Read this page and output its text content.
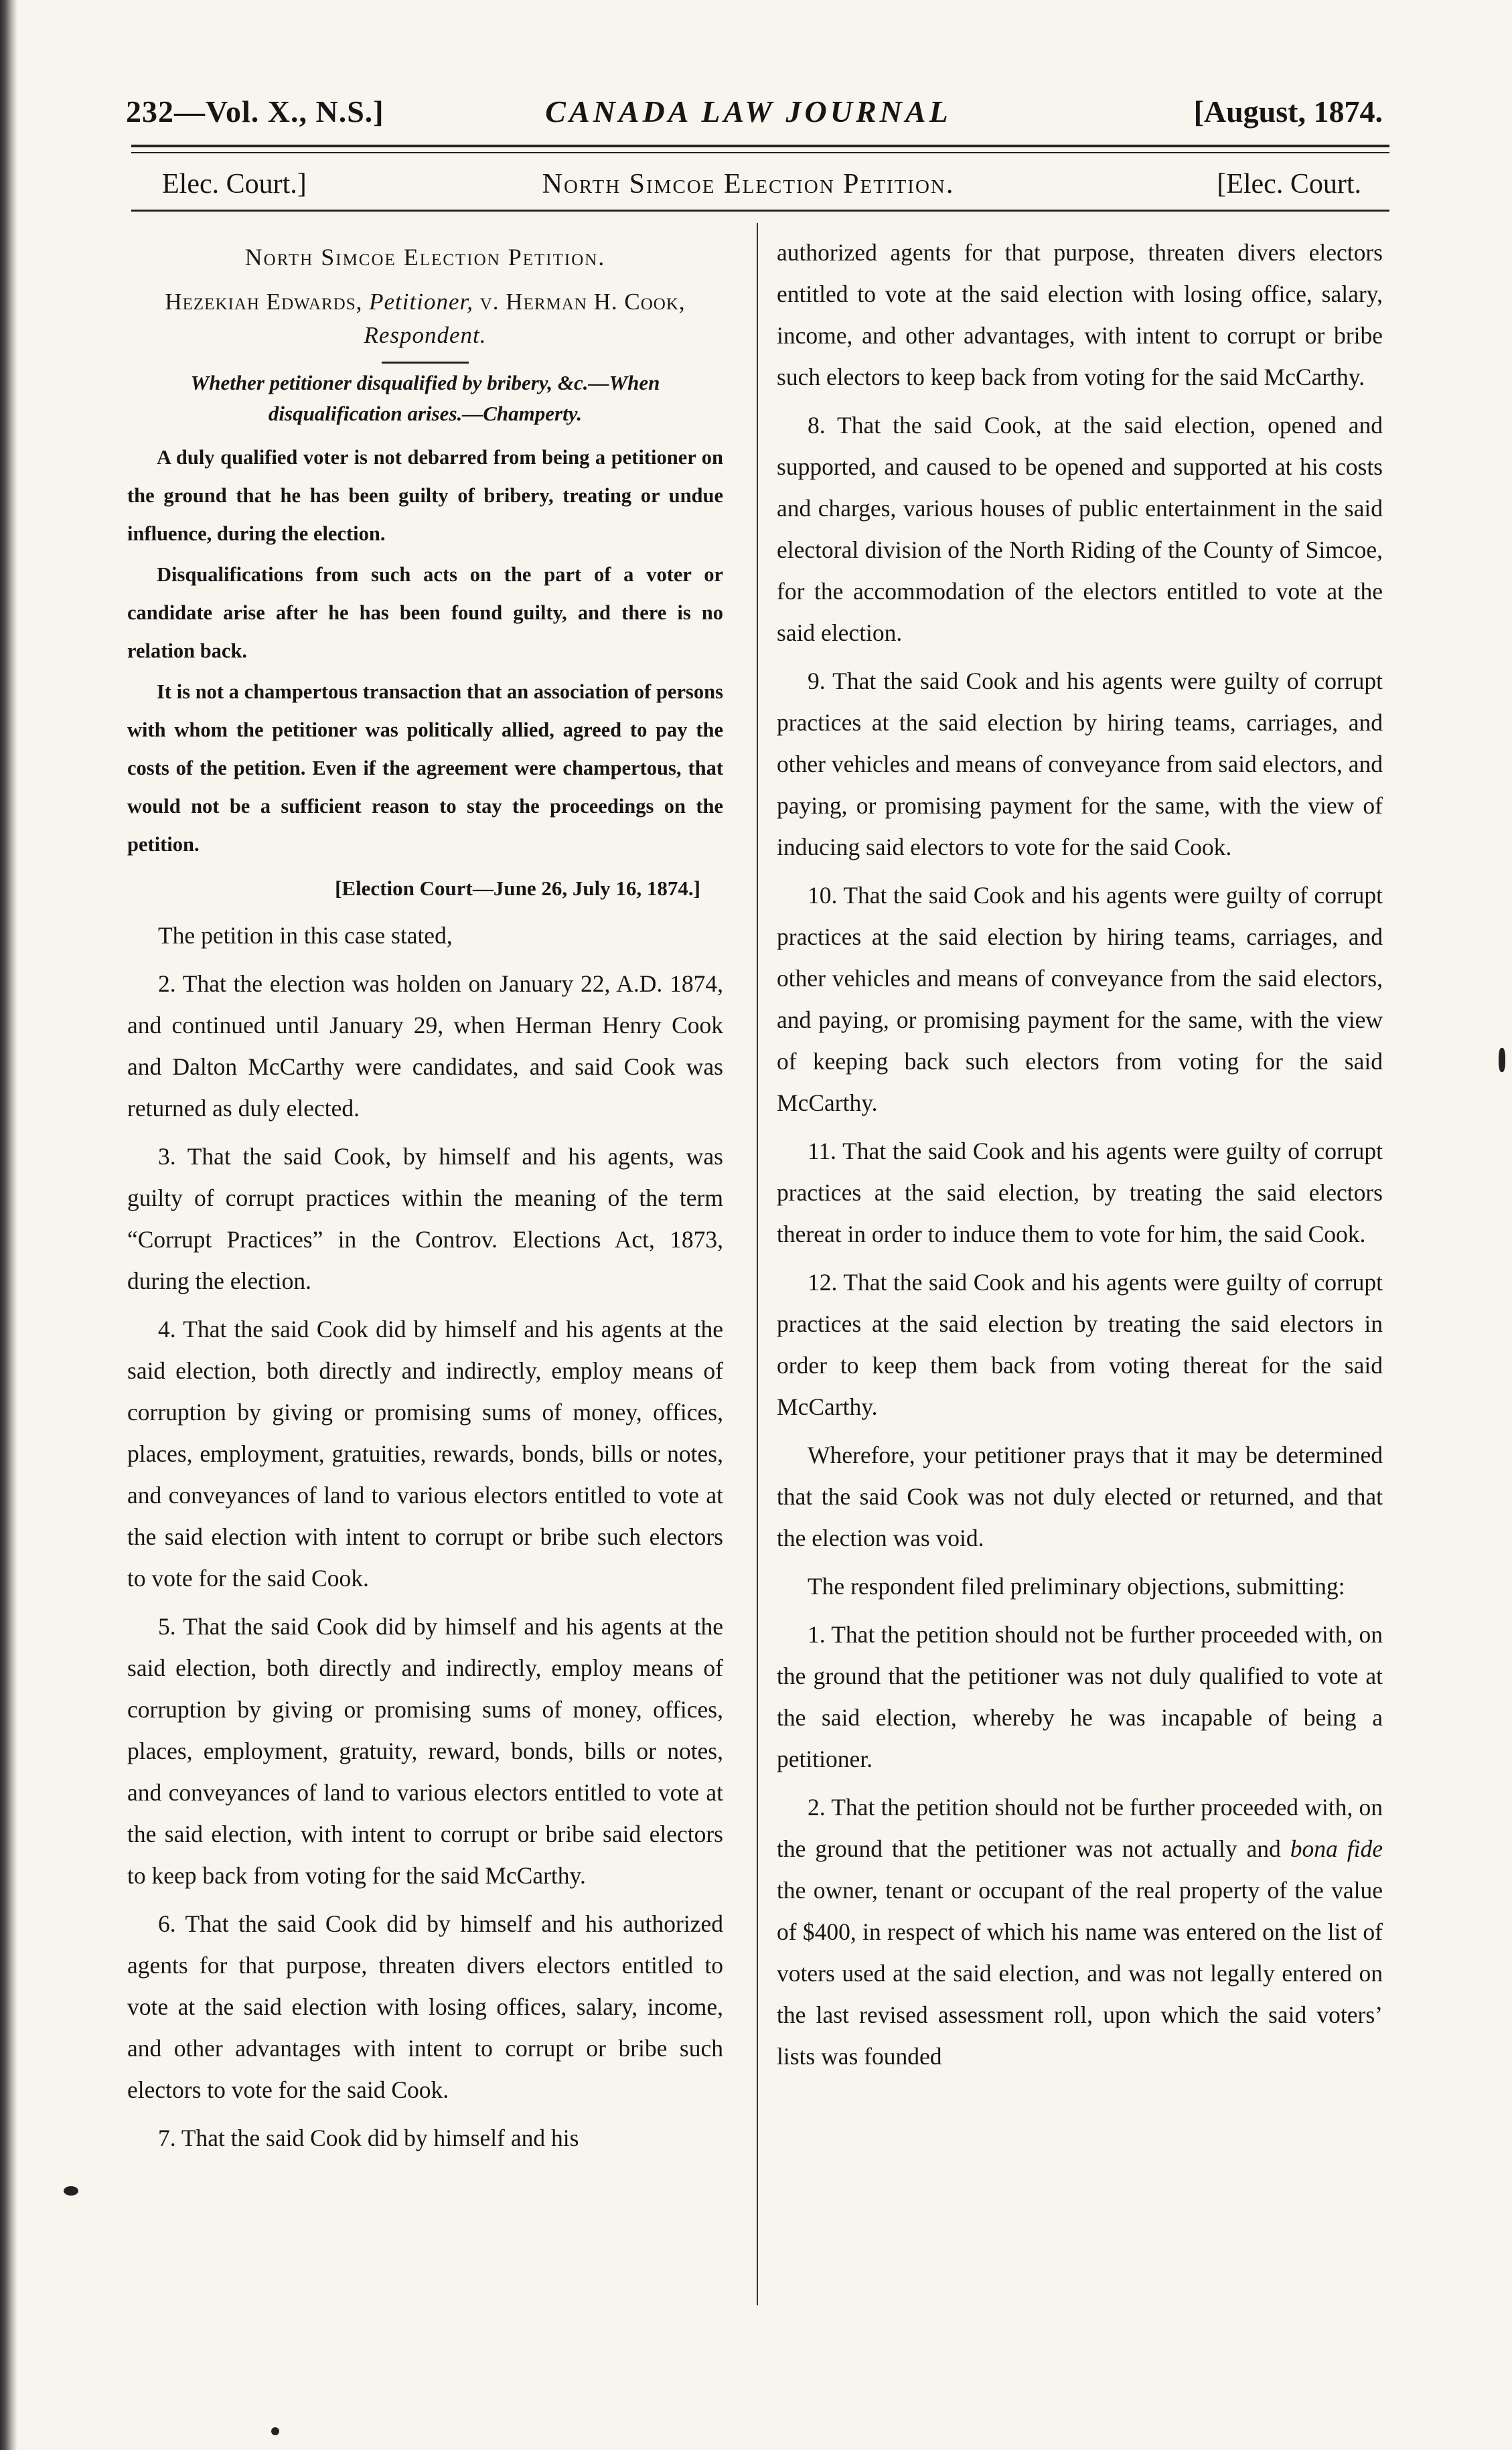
232—Vol. X., N.S.]	CANADA LAW JOURNAL	[August, 1874.
Elec. Court.]	North Simcoe Election Petition.	[Elec. Court.

North Simcoe Election Petition.

Hezekiah Edwards, Petitioner, v. Herman H. Cook, Respondent.

Whether petitioner disqualified by bribery, &c.—When disqualification arises.—Champerty.

A duly qualified voter is not debarred from being a petitioner on the ground that he has been guilty of bribery, treating or undue influence, during the election.

Disqualifications from such acts on the part of a voter or candidate arise after he has been found guilty, and there is no relation back.

It is not a champertous transaction that an association of persons with whom the petitioner was politically allied, agreed to pay the costs of the petition. Even if the agreement were champertous, that would not be a sufficient reason to stay the proceedings on the petition.

[Election Court—June 26, July 16, 1874.]

The petition in this case stated,

2. That the election was holden on January 22, A.D. 1874, and continued until January 29, when Herman Henry Cook and Dalton McCarthy were candidates, and said Cook was returned as duly elected.

3. That the said Cook, by himself and his agents, was guilty of corrupt practices within the meaning of the term “Corrupt Practices” in the Controv. Elections Act, 1873, during the election.

4. That the said Cook did by himself and his agents at the said election, both directly and indirectly, employ means of corruption by giving or promising sums of money, offices, places, employment, gratuities, rewards, bonds, bills or notes, and conveyances of land to various electors entitled to vote at the said election with intent to corrupt or bribe such electors to vote for the said Cook.

5. That the said Cook did by himself and his agents at the said election, both directly and indirectly, employ means of corruption by giving or promising sums of money, offices, places, employment, gratuity, reward, bonds, bills or notes, and conveyances of land to various electors entitled to vote at the said election, with intent to corrupt or bribe said electors to keep back from voting for the said McCarthy.

6. That the said Cook did by himself and his authorized agents for that purpose, threaten divers electors entitled to vote at the said election with losing offices, salary, income, and other advantages with intent to corrupt or bribe such electors to vote for the said Cook.

7. That the said Cook did by himself and his

authorized agents for that purpose, threaten divers electors entitled to vote at the said election with losing office, salary, income, and other advantages, with intent to corrupt or bribe such electors to keep back from voting for the said McCarthy.

8. That the said Cook, at the said election, opened and supported, and caused to be opened and supported at his costs and charges, various houses of public entertainment in the said electoral division of the North Riding of the County of Simcoe, for the accommodation of the electors entitled to vote at the said election.

9. That the said Cook and his agents were guilty of corrupt practices at the said election by hiring teams, carriages, and other vehicles and means of conveyance from said electors, and paying, or promising payment for the same, with the view of inducing said electors to vote for the said Cook.

10. That the said Cook and his agents were guilty of corrupt practices at the said election by hiring teams, carriages, and other vehicles and means of conveyance from the said electors, and paying, or promising payment for the same, with the view of keeping back such electors from voting for the said McCarthy.

11. That the said Cook and his agents were guilty of corrupt practices at the said election, by treating the said electors thereat in order to induce them to vote for him, the said Cook.

12. That the said Cook and his agents were guilty of corrupt practices at the said election by treating the said electors in order to keep them back from voting thereat for the said McCarthy.

Wherefore, your petitioner prays that it may be determined that the said Cook was not duly elected or returned, and that the election was void.

The respondent filed preliminary objections, submitting:

1. That the petition should not be further proceeded with, on the ground that the petitioner was not duly qualified to vote at the said election, whereby he was incapable of being a petitioner.

2. That the petition should not be further proceeded with, on the ground that the petitioner was not actually and bona fide the owner, tenant or occupant of the real property of the value of $400, in respect of which his name was entered on the list of voters used at the said election, and was not legally entered on the last revised assessment roll, upon which the said voters’ lists was founded
